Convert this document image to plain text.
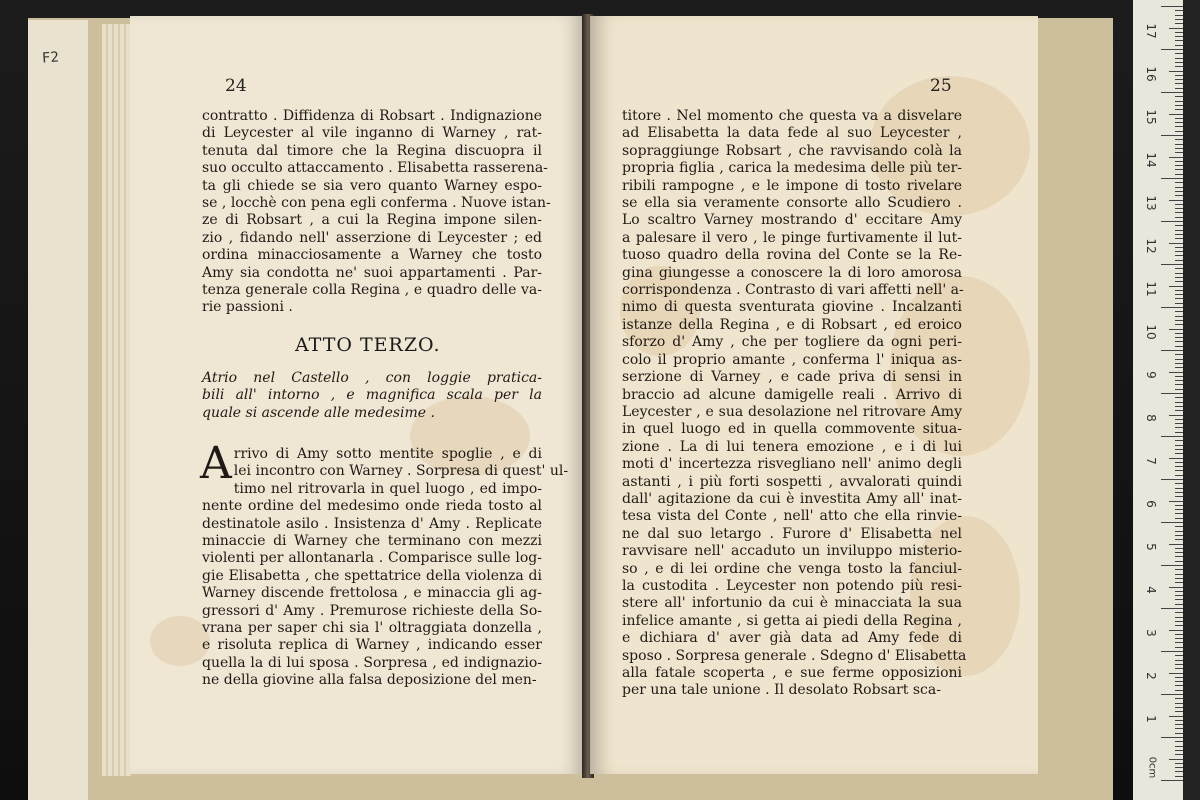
F2
24
contratto . Diffidenza di Robsart . Indignazione
di Leycester al vile inganno di Warney , rat-
tenuta dal timore che la Regina discuopra il
suo occulto attaccamento . Elisabetta rasserena-
ta gli chiede se sia vero quanto Warney espo-
se , locchè con pena egli conferma . Nuove istan-
ze di Robsart , a cui la Regina impone silen-
zio , fidando nell' asserzione di Leycester ; ed
ordina minacciosamente a Warney che tosto
Amy sia condotta ne' suoi appartamenti . Par-
tenza generale colla Regina , e quadro delle va-
rie passioni .
ATTO TERZO.
Atrio nel Castello , con loggie pratica-
bili all' intorno , e magnifica scala per la
quale si ascende alle medesime .
A rrivo di Amy sotto mentite spoglie , e di
lei incontro con Warney . Sorpresa di quest' ul-
timo nel ritrovarla in quel luogo , ed impo-
nente ordine del medesimo onde rieda tosto al
destinatole asilo . Insistenza d' Amy . Replicate
minaccie di Warney che terminano con mezzi
violenti per allontanarla . Comparisce sulle log-
gie Elisabetta , che spettatrice della violenza di
Warney discende frettolosa , e minaccia gli ag-
gressori d' Amy . Premurose richieste della So-
vrana per saper chi sia l' oltraggiata donzella ,
e risoluta replica di Warney , indicando esser
quella la di lui sposa . Sorpresa , ed indignazio-
ne della giovine alla falsa deposizione del men-
25
titore . Nel momento che questa va a disvelare
ad Elisabetta la data fede al suo Leycester ,
sopraggiunge Robsart , che ravvisando colà la
propria figlia , carica la medesima delle più ter-
ribili rampogne , e le impone di tosto rivelare
se ella sia veramente consorte allo Scudiero .
Lo scaltro Varney mostrando d' eccitare Amy
a palesare il vero , le pinge furtivamente il lut-
tuoso quadro della rovina del Conte se la Re-
gina giungesse a conoscere la di loro amorosa
corrispondenza . Contrasto di vari affetti nell' a-
nimo di questa sventurata giovine . Incalzanti
istanze della Regina , e di Robsart , ed eroico
sforzo d' Amy , che per togliere da ogni peri-
colo il proprio amante , conferma l' iniqua as-
serzione di Varney , e cade priva di sensi in
braccio ad alcune damigelle reali . Arrivo di
Leycester , e sua desolazione nel ritrovare Amy
in quel luogo ed in quella commovente situa-
zione . La di lui tenera emozione , e i di lui
moti d' incertezza risvegliano nell' animo degli
astanti , i più forti sospetti , avvalorati quindi
dall' agitazione da cui è investita Amy all' inat-
tesa vista del Conte , nell' atto che ella rinvie-
ne dal suo letargo . Furore d' Elisabetta nel
ravvisare nell' accaduto un inviluppo misterio-
so , e di lei ordine che venga tosto la fanciul-
la custodita . Leycester non potendo più resi-
stere all' infortunio da cui è minacciata la sua
infelice amante , si getta ai piedi della Regina ,
e dichiara d' aver già data ad Amy fede di
sposo . Sorpresa generale . Sdegno d' Elisabetta
alla fatale scoperta , e sue ferme opposizioni
per una tale unione . Il desolato Robsart sca-
0cm
17
16
15
14
13
12
11
10
9
8
7
6
5
4
3
2
1
